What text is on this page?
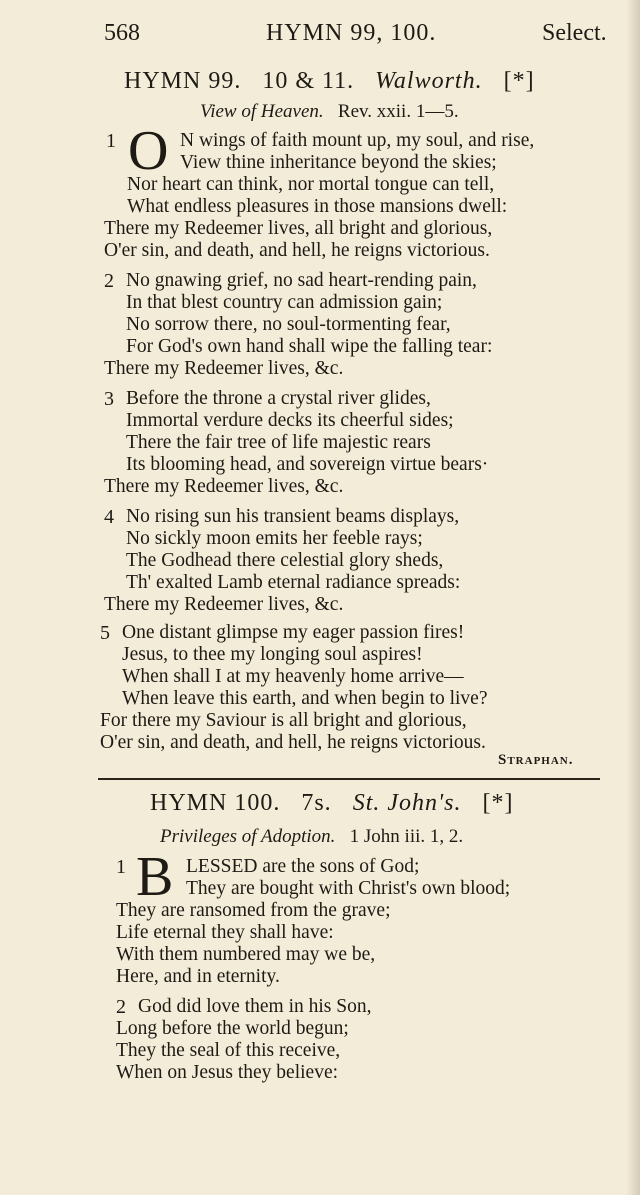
568	HYMN 99, 100.	Select.
HYMN 99. 10 & 11. Walworth. [*]
View of Heaven. Rev. xxii. 1—5.
1 O N wings of faith mount up, my soul, and rise,
View thine inheritance beyond the skies;
Nor heart can think, nor mortal tongue can tell,
What endless pleasures in those mansions dwell:
There my Redeemer lives, all bright and glorious,
O'er sin, and death, and hell, he reigns victorious.
2 No gnawing grief, no sad heart-rending pain,
In that blest country can admission gain;
No sorrow there, no soul-tormenting fear,
For God's own hand shall wipe the falling tear:
There my Redeemer lives, &c.
3 Before the throne a crystal river glides,
Immortal verdure decks its cheerful sides;
There the fair tree of life majestic rears
Its blooming head, and sovereign virtue bears·
There my Redeemer lives, &c.
4 No rising sun his transient beams displays,
No sickly moon emits her feeble rays;
The Godhead there celestial glory sheds,
Th' exalted Lamb eternal radiance spreads:
There my Redeemer lives, &c.
5 One distant glimpse my eager passion fires!
Jesus, to thee my longing soul aspires!
When shall I at my heavenly home arrive—
When leave this earth, and when begin to live?
For there my Saviour is all bright and glorious,
O'er sin, and death, and hell, he reigns victorious.
Straphan.
HYMN 100. 7s. St. John's. [*]
Privileges of Adoption. 1 John iii. 1, 2.
1 B LESSED are the sons of God;
They are bought with Christ's own blood;
They are ransomed from the grave;
Life eternal they shall have:
With them numbered may we be,
Here, and in eternity.
2 God did love them in his Son,
Long before the world begun;
They the seal of this receive,
When on Jesus they believe:
